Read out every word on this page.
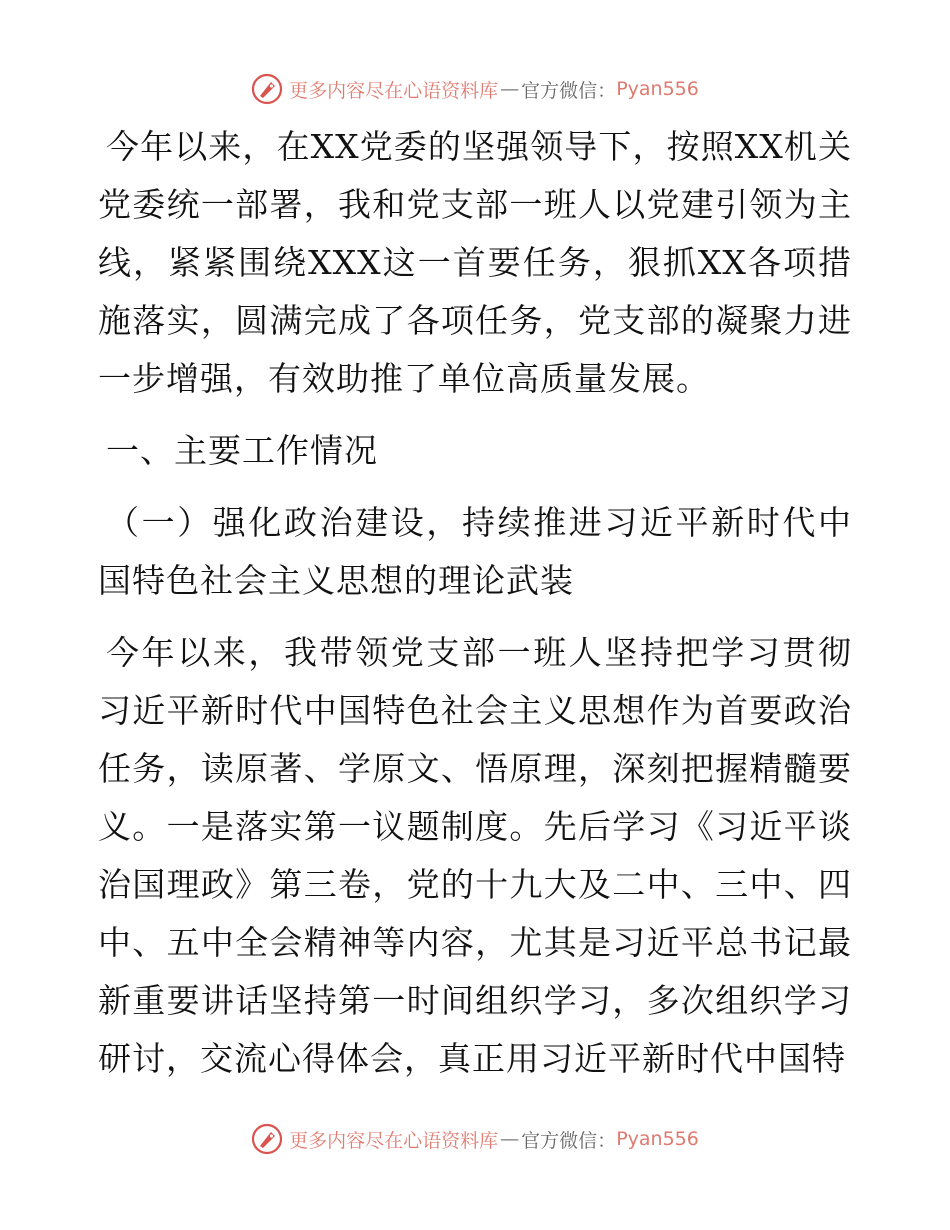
更多内容尽在心语资料库 — 官方微信： Pyan556

今年以来，在XX党委的坚强领导下，按照XX机关党委统一部署，我和党支部一班人以党建引领为主线，紧紧围绕XXX这一首要任务，狠抓XX各项措施落实，圆满完成了各项任务，党支部的凝聚力进一步增强，有效助推了单位高质量发展。

一、主要工作情况

（一）强化政治建设，持续推进习近平新时代中国特色社会主义思想的理论武装

今年以来，我带领党支部一班人坚持把学习贯彻习近平新时代中国特色社会主义思想作为首要政治任务，读原著、学原文、悟原理，深刻把握精髓要义。一是落实第一议题制度。先后学习《习近平谈治国理政》第三卷，党的十九大及二中、三中、四中、五中全会精神等内容，尤其是习近平总书记最新重要讲话坚持第一时间组织学习，多次组织学习研讨，交流心得体会，真正用习近平新时代中国特

更多内容尽在心语资料库 — 官方微信： Pyan556
